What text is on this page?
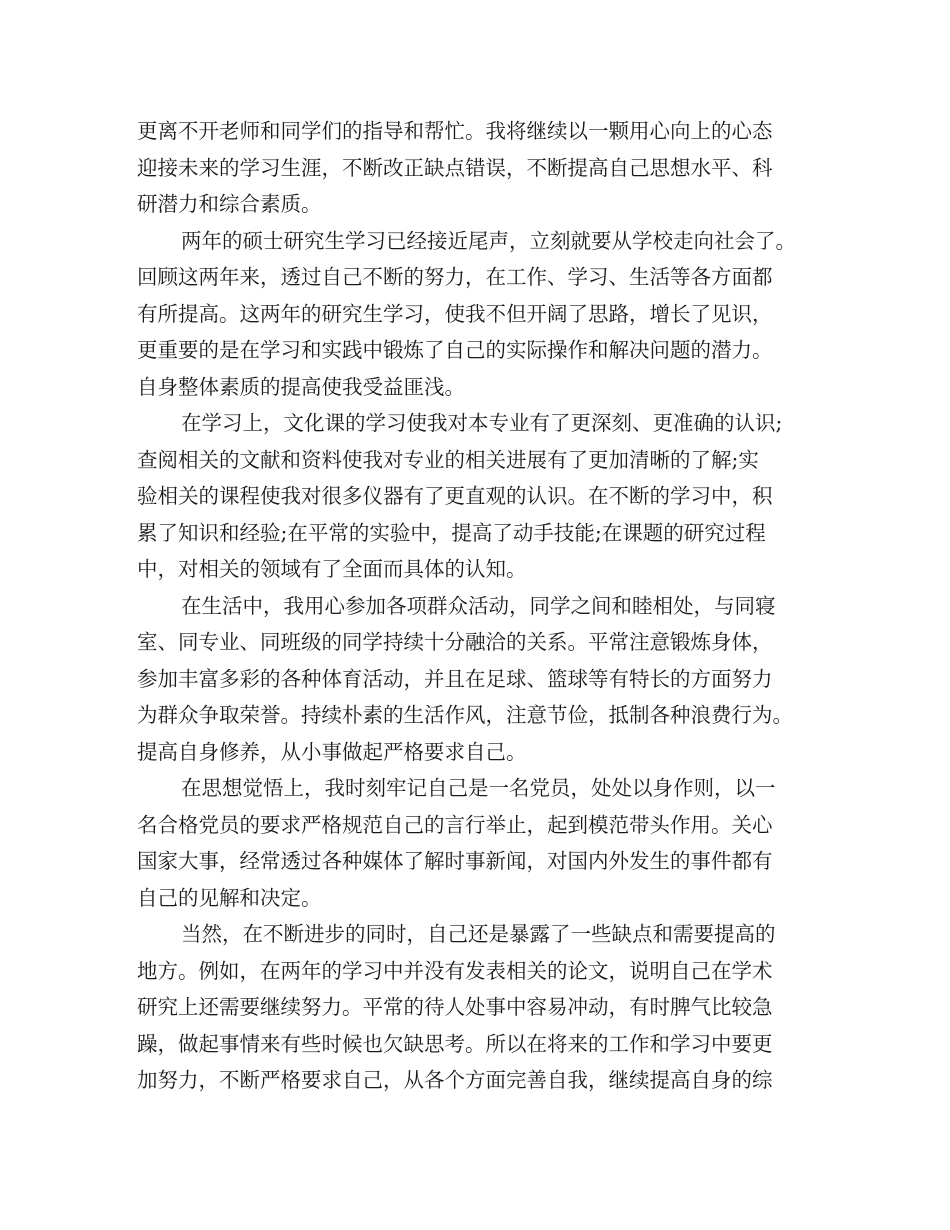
更离不开老师和同学们的指导和帮忙。我将继续以一颗用心向上的心态
迎接未来的学习生涯，不断改正缺点错误，不断提高自己思想水平、科
研潜力和综合素质。
两年的硕士研究生学习已经接近尾声，立刻就要从学校走向社会了。
回顾这两年来，透过自己不断的努力，在工作、学习、生活等各方面都
有所提高。这两年的研究生学习，使我不但开阔了思路，增长了见识，
更重要的是在学习和实践中锻炼了自己的实际操作和解决问题的潜力。
自身整体素质的提高使我受益匪浅。
在学习上，文化课的学习使我对本专业有了更深刻、更准确的认识;
查阅相关的文献和资料使我对专业的相关进展有了更加清晰的了解;实
验相关的课程使我对很多仪器有了更直观的认识。在不断的学习中，积
累了知识和经验;在平常的实验中，提高了动手技能;在课题的研究过程
中，对相关的领域有了全面而具体的认知。
在生活中，我用心参加各项群众活动，同学之间和睦相处，与同寝
室、同专业、同班级的同学持续十分融洽的关系。平常注意锻炼身体，
参加丰富多彩的各种体育活动，并且在足球、篮球等有特长的方面努力
为群众争取荣誉。持续朴素的生活作风，注意节俭，抵制各种浪费行为。
提高自身修养，从小事做起严格要求自己。
在思想觉悟上，我时刻牢记自己是一名党员，处处以身作则，以一
名合格党员的要求严格规范自己的言行举止，起到模范带头作用。关心
国家大事，经常透过各种媒体了解时事新闻，对国内外发生的事件都有
自己的见解和决定。
当然，在不断进步的同时，自己还是暴露了一些缺点和需要提高的
地方。例如，在两年的学习中并没有发表相关的论文，说明自己在学术
研究上还需要继续努力。平常的待人处事中容易冲动，有时脾气比较急
躁，做起事情来有些时候也欠缺思考。所以在将来的工作和学习中要更
加努力，不断严格要求自己，从各个方面完善自我，继续提高自身的综
